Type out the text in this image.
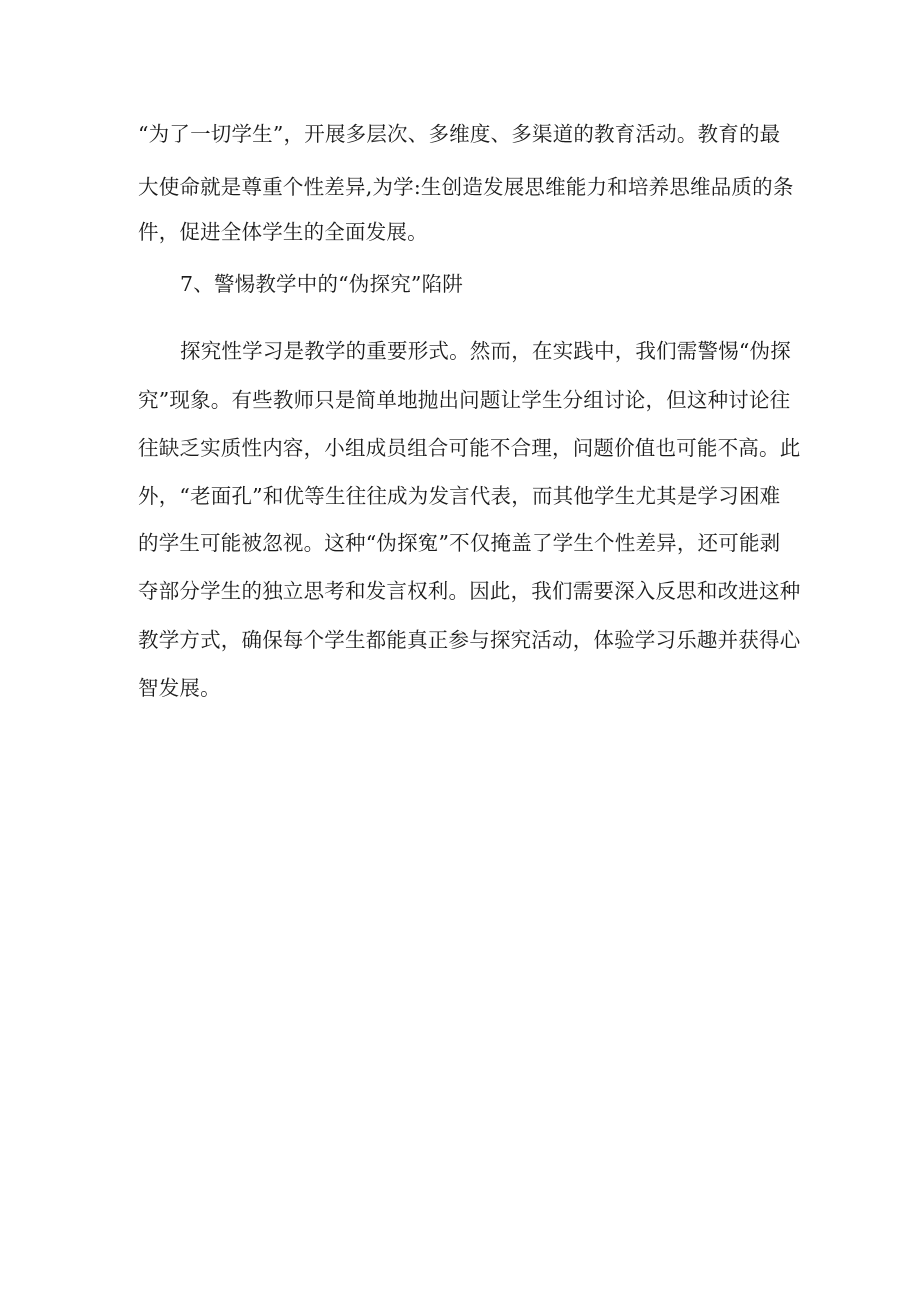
“为了一切学生”，开展多层次、多维度、多渠道的教育活动。教育的最

大使命就是尊重个性差异,为学:生创造发展思维能力和培养思维品质的条

件，促进全体学生的全面发展。

7、警惕教学中的“伪探究”陷阱

探究性学习是教学的重要形式。然而，在实践中，我们需警惕“伪探

究”现象。有些教师只是简单地抛出问题让学生分组讨论，但这种讨论往

往缺乏实质性内容，小组成员组合可能不合理，问题价值也可能不高。此

外，“老面孔”和优等生往往成为发言代表，而其他学生尤其是学习困难

的学生可能被忽视。这种“伪探寃”不仅掩盖了学生个性差异，还可能剥

夺部分学生的独立思考和发言权利。因此，我们需要深入反思和改进这种

教学方式，确保每个学生都能真正参与探究活动，体验学习乐趣并获得心

智发展。
